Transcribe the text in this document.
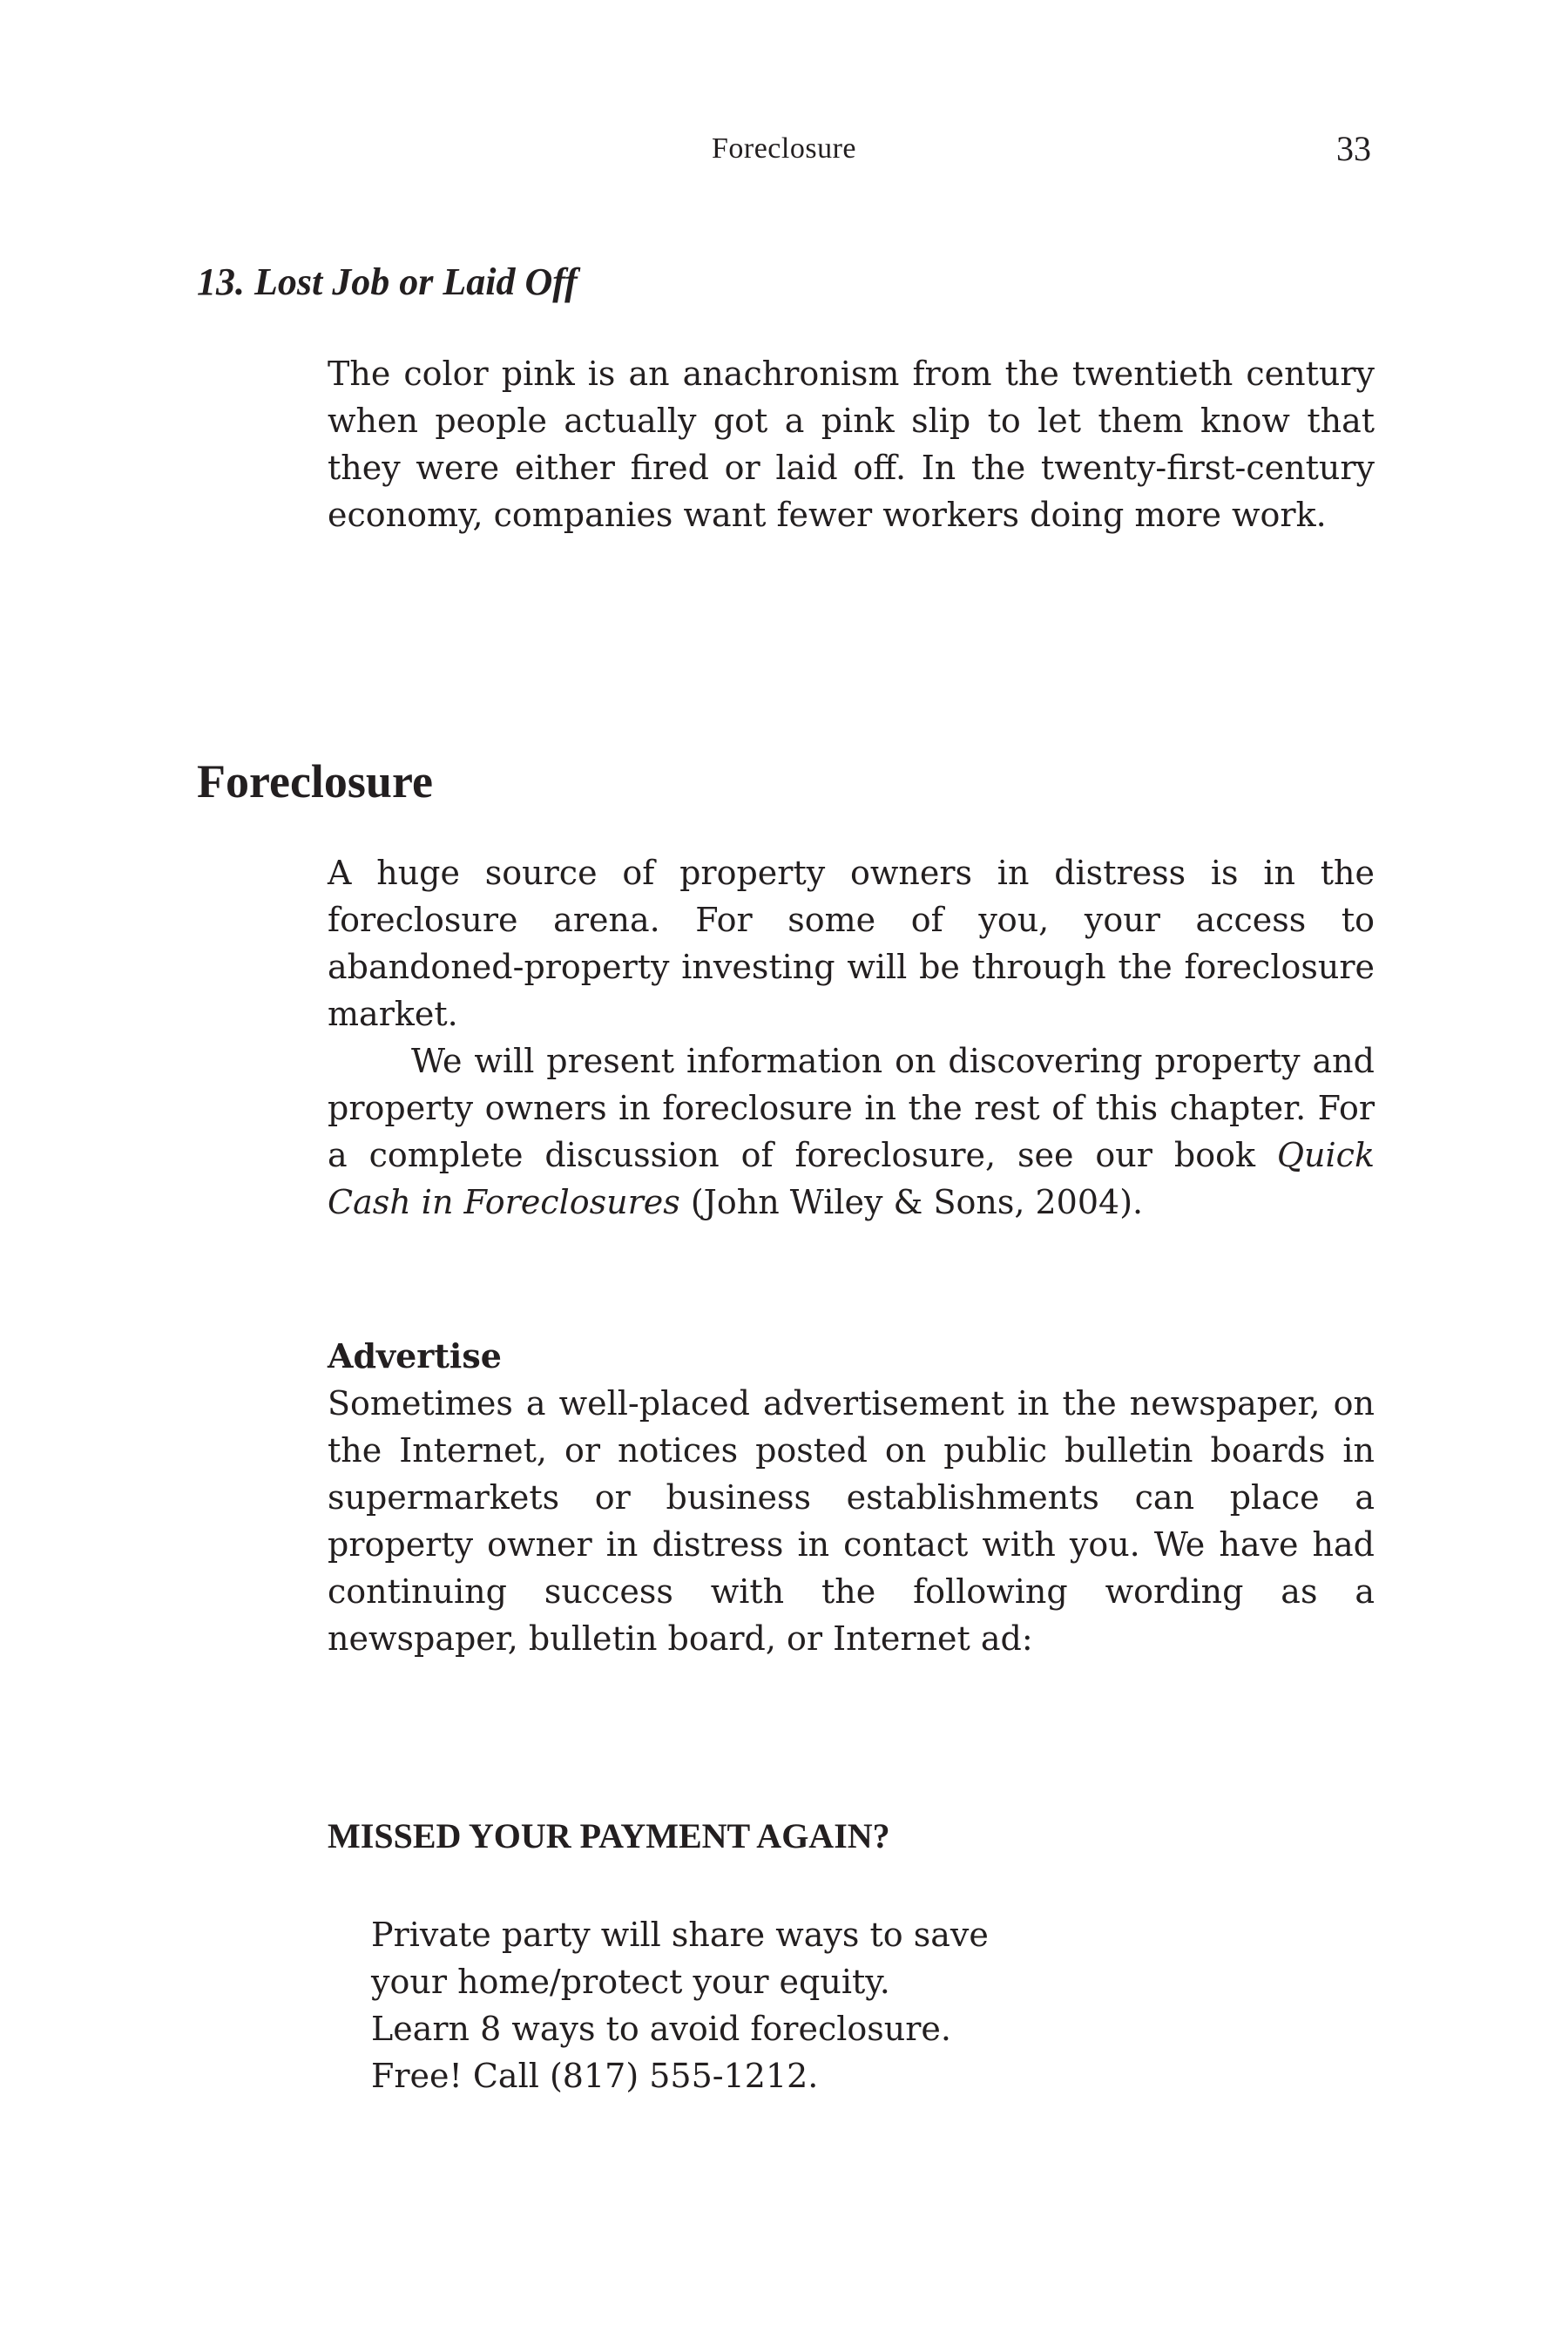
Foreclosure	33
13. Lost Job or Laid Off

The color pink is an anachronism from the twentieth century when people actually got a pink slip to let them know that they were either fired or laid off. In the twenty-first-century economy, companies want fewer workers doing more work.

Foreclosure

A huge source of property owners in distress is in the foreclosure arena. For some of you, your access to abandoned-property investing will be through the foreclosure market.

We will present information on discovering property and property owners in foreclosure in the rest of this chapter. For a complete discussion of foreclosure, see our book Quick Cash in Foreclosures (John Wiley & Sons, 2004).

Advertise

Sometimes a well-placed advertisement in the newspaper, on the Internet, or notices posted on public bulletin boards in supermarkets or business establishments can place a property owner in distress in contact with you. We have had continuing success with the following wording as a newspaper, bulletin board, or Internet ad:

MISSED YOUR PAYMENT AGAIN?
Private party will share ways to save
your home/protect your equity.
Learn 8 ways to avoid foreclosure.
Free! Call (817) 555-1212.
